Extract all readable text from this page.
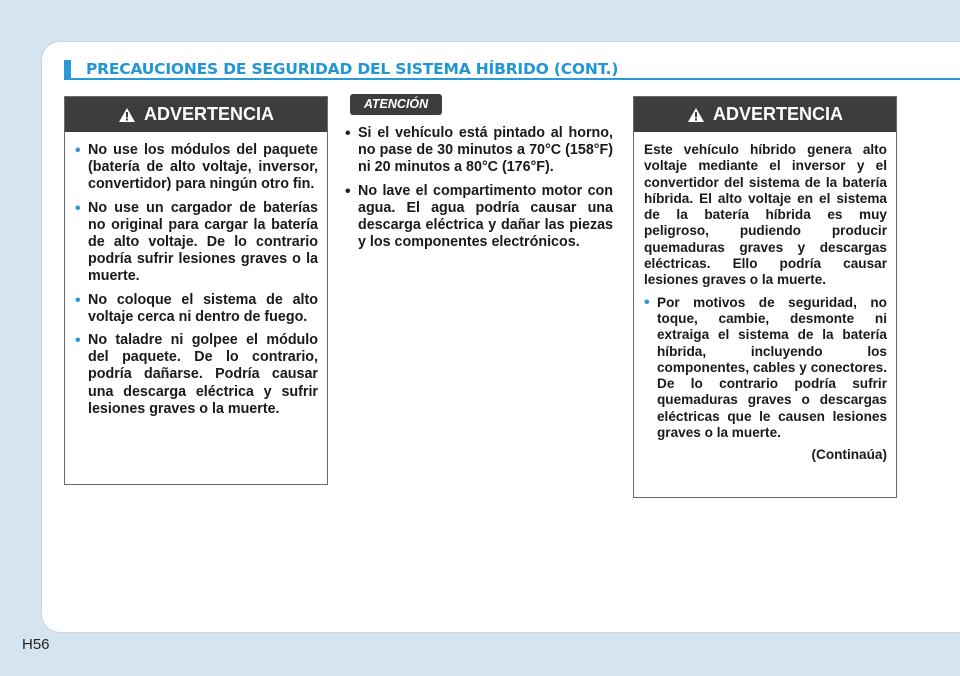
PRECAUCIONES DE SEGURIDAD DEL SISTEMA HÍBRIDO (CONT.)
ADVERTENCIA
• No use los módulos del paquete (batería de alto voltaje, inversor, convertidor) para ningún otro fin.
• No use un cargador de baterías no original para cargar la batería de alto voltaje. De lo contrario podría sufrir lesiones graves o la muerte.
• No coloque el sistema de alto voltaje cerca ni dentro de fuego.
• No taladre ni golpee el módulo del paquete. De lo contrario, podría dañarse. Podría causar una descarga eléctrica y sufrir lesiones graves o la muerte.
ATENCIÓN
• Si el vehículo está pintado al horno, no pase de 30 minutos a 70°C (158°F) ni 20 minutos a 80°C (176°F).
• No lave el compartimento motor con agua. El agua podría causar una descarga eléctrica y dañar las piezas y los componentes electrónicos.
ADVERTENCIA

Este vehículo híbrido genera alto voltaje mediante el inversor y el convertidor del sistema de la batería híbrida. El alto voltaje en el sistema de la batería híbrida es muy peligroso, pudiendo producir quemaduras graves y descargas eléctricas. Ello podría causar lesiones graves o la muerte.

• Por motivos de seguridad, no toque, cambie, desmonte ni extraiga el sistema de la batería híbrida, incluyendo los componentes, cables y conectores. De lo contrario podría sufrir quemaduras graves o descargas eléctricas que le causen lesiones graves o la muerte.
(Continaúa)
H56
